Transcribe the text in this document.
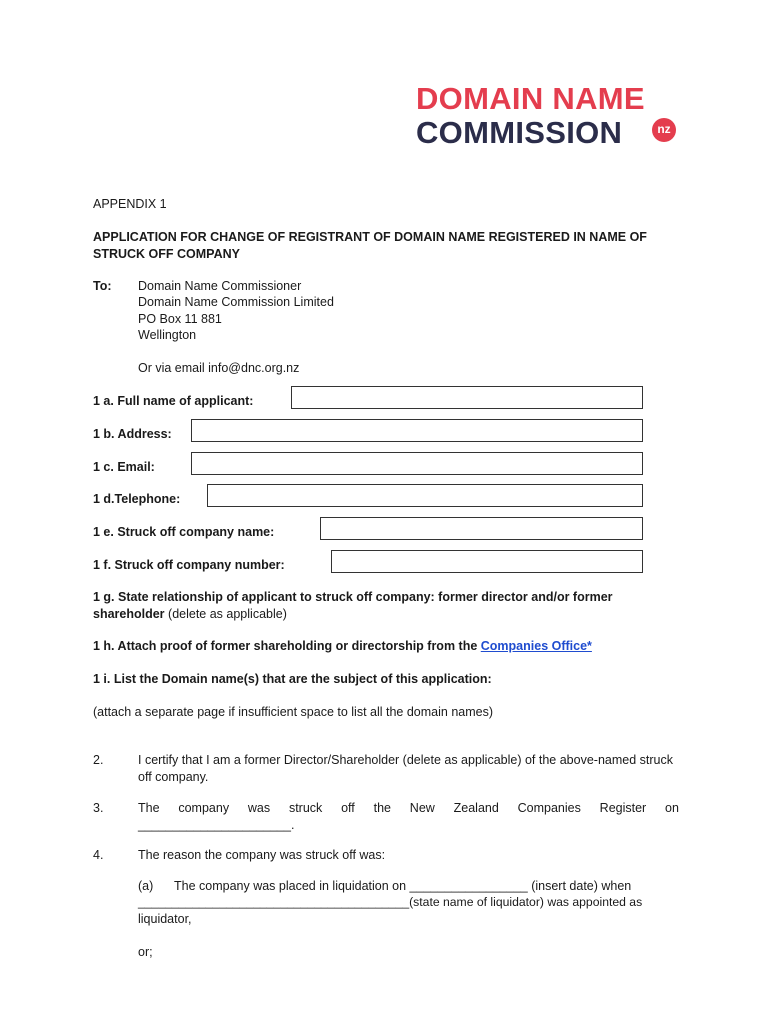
DOMAIN NAME
COMMISSION	nz
APPENDIX 1
APPLICATION FOR CHANGE OF REGISTRANT OF DOMAIN NAME REGISTERED IN NAME OF STRUCK OFF COMPANY
To: Domain Name Commissioner
Domain Name Commission Limited
PO Box 11 881
Wellington
Or via email info@dnc.org.nz
1 a. Full name of applicant:
1 b. Address:
1 c. Email:
1 d.Telephone:
1 e. Struck off company name:
1 f. Struck off company number:
1 g. State relationship of applicant to struck off company: former director and/or former shareholder (delete as applicable)
1 h. Attach proof of former shareholding or directorship from the Companies Office*
1 i. List the Domain name(s) that are the subject of this application:
(attach a separate page if insufficient space to list all the domain names)
2.	I certify that I am a former Director/Shareholder (delete as applicable) of the above-named struck off company.
3.	The company was struck off the New Zealand Companies Register on
______________________.
4.	The reason the company was struck off was:
(a) The company was placed in liquidation on _________________ (insert date) when
________________________________________(state name of liquidator) was appointed as
liquidator,
or;
